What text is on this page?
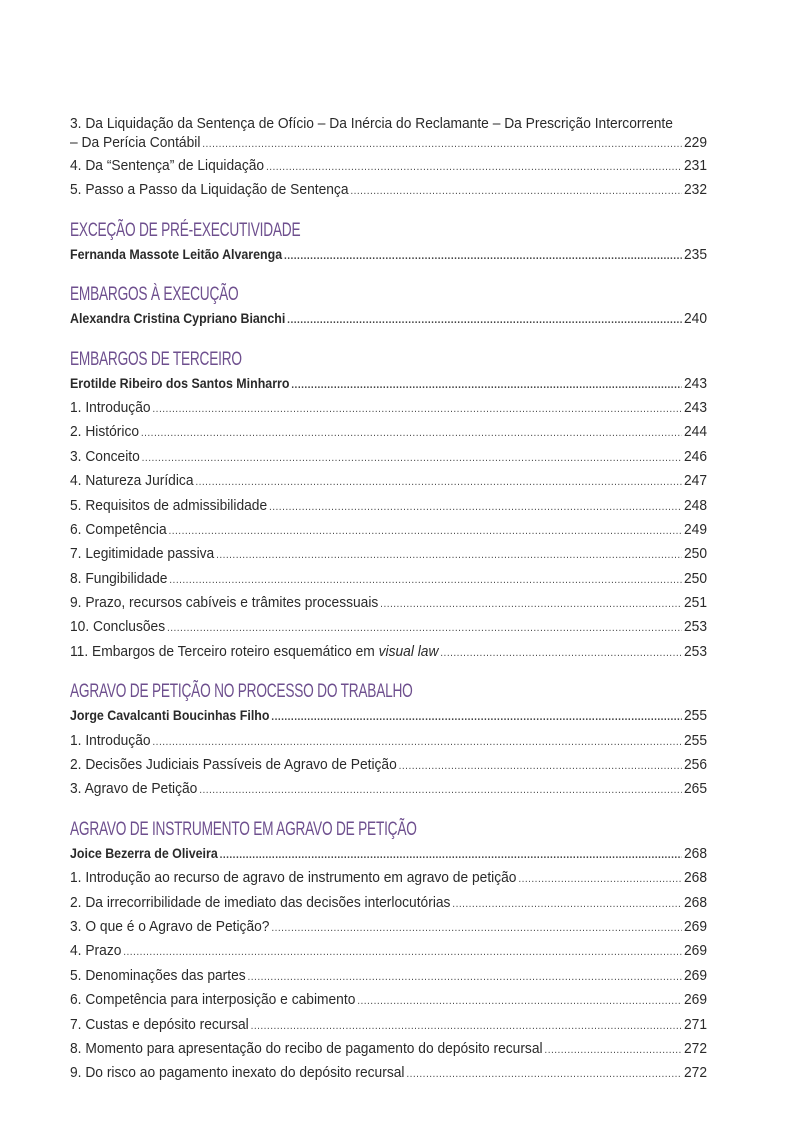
3. Da Liquidação da Sentença de Ofício – Da Inércia do Reclamante – Da Prescrição Intercorrente
– Da Perícia Contábil .....	229
4. Da “Sentença” de Liquidação .....	231
5. Passo a Passo da Liquidação de Sentença .....	232
EXCEÇÃO DE PRÉ-EXECUTIVIDADE
Fernanda Massote Leitão Alvarenga .....	235
EMBARGOS À EXECUÇÃO
Alexandra Cristina Cypriano Bianchi .....	240
EMBARGOS DE TERCEIRO
Erotilde Ribeiro dos Santos Minharro .....	243
1. Introdução .....	243
2. Histórico .....	244
3. Conceito .....	246
4. Natureza Jurídica .....	247
5. Requisitos de admissibilidade .....	248
6. Competência .....	249
7. Legitimidade passiva .....	250
8. Fungibilidade .....	250
9. Prazo, recursos cabíveis e trâmites processuais .....	251
10. Conclusões .....	253
11. Embargos de Terceiro roteiro esquemático em visual law .....	253
AGRAVO DE PETIÇÃO NO PROCESSO DO TRABALHO
Jorge Cavalcanti Boucinhas Filho .....	255
1. Introdução .....	255
2. Decisões Judiciais Passíveis de Agravo de Petição .....	256
3. Agravo de Petição .....	265
AGRAVO DE INSTRUMENTO EM AGRAVO DE PETIÇÃO
Joice Bezerra de Oliveira .....	268
1. Introdução ao recurso de agravo de instrumento em agravo de petição .....	268
2. Da irrecorribilidade de imediato das decisões interlocutórias .....	268
3. O que é o Agravo de Petição? .....	269
4. Prazo .....	269
5. Denominações das partes .....	269
6. Competência para interposição e cabimento .....	269
7. Custas e depósito recursal .....	271
8. Momento para apresentação do recibo de pagamento do depósito recursal .....	272
9. Do risco ao pagamento inexato do depósito recursal .....	272
